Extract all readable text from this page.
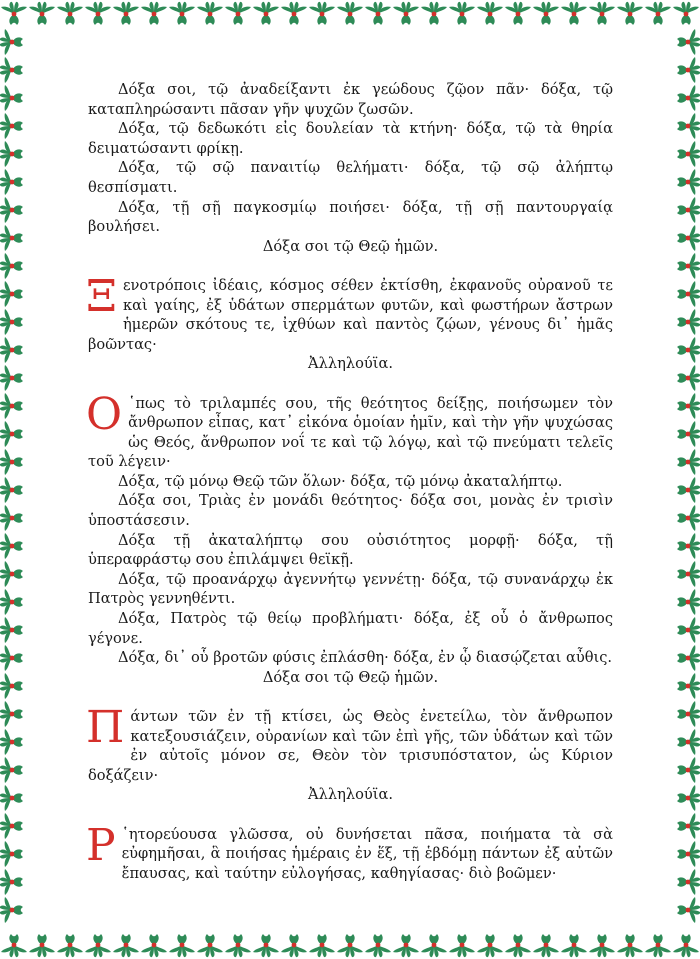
Δόξα σοι, τῷ ἀναδείξαντι ἐκ γεώδους ζῷον πᾶν· δόξα, τῷ καταπληρώσαντι πᾶσαν γῆν ψυχῶν ζωσῶν.

Δόξα, τῷ δεδωκότι εἰς δουλείαν τὰ κτήνη· δόξα, τῷ τὰ θηρία δειματώσαντι φρίκῃ.

Δόξα, τῷ σῷ παναιτίῳ θελήματι· δόξα, τῷ σῷ ἀλήπτῳ θεσπίσματι.

Δόξα, τῇ σῇ παγκοσμίῳ ποιήσει· δόξα, τῇ σῇ παντουργαίᾳ βουλήσει.

Δόξα σοι τῷ Θεῷ ἡμῶν.

Ξ ενοτρόποις ἰδέαις, κόσμος σέθεν ἐκτίσθη, ἐκφανοῦς οὐρανοῦ τε καὶ γαίης, ἐξ ὑδάτων σπερμάτων φυτῶν, καὶ φωστήρων ἄστρων ἡμερῶν σκότους τε, ἰχθύων καὶ παντὸς ζῴων, γένους δι᾿ ἡμᾶς βοῶντας·

Ἀλληλούϊα.

Ο ῾πως τὸ τριλαμπές σου, τῆς θεότητος δείξῃς, ποιήσωμεν τὸν ἄνθρωπον εἶπας, κατ᾿ εἰκόνα ὁμοίαν ἡμῖν, καὶ τὴν γῆν ψυχώσας ὡς Θεός, ἄνθρωπον νοΐ τε καὶ τῷ λόγῳ, καὶ τῷ πνεύματι τελεῖς τοῦ λέγειν·

Δόξα, τῷ μόνῳ Θεῷ τῶν ὅλων· δόξα, τῷ μόνῳ ἀκαταλήπτῳ.

Δόξα σοι, Τριὰς ἐν μονάδι θεότητος· δόξα σοι, μονὰς ἐν τρισὶν ὑποστάσεσιν.

Δόξα τῇ ἀκαταλήπτῳ σου οὐσιότητος μορφῇ· δόξα, τῇ ὑπεραφράστῳ σου ἐπιλάμψει θεϊκῇ.

Δόξα, τῷ προανάρχῳ ἀγεννήτῳ γεννέτῃ· δόξα, τῷ συνανάρχῳ ἐκ Πατρὸς γεννηθέντι.

Δόξα, Πατρὸς τῷ θείῳ προβλήματι· δόξα, ἐξ οὗ ὁ ἄνθρωπος γέγονε.

Δόξα, δι᾿ οὗ βροτῶν φύσις ἐπλάσθη· δόξα, ἐν ᾧ διασῴζεται αὖθις.

Δόξα σοι τῷ Θεῷ ἡμῶν.

Π άντων τῶν ἐν τῇ κτίσει, ὡς Θεὸς ἐνετείλω, τὸν ἄνθρωπον κατεξουσιάζειν, οὐρανίων καὶ τῶν ἐπὶ γῆς, τῶν ὑδάτων καὶ τῶν ἐν αὐτοῖς μόνον σε, Θεὸν τὸν τρισυπόστατον, ὡς Κύριον δοξάζειν·

Ἀλληλούϊα.

Ρ ῾ητορεύουσα γλῶσσα, οὐ δυνήσεται πᾶσα, ποιήματα τὰ σὰ εὐφημῆσαι, ἃ ποιήσας ἡμέραις ἐν ἕξ, τῇ ἑβδόμῃ πάντων ἐξ αὐτῶν ἔπαυσας, καὶ ταύτην εὐλογήσας, καθηγίασας· διὸ βοῶμεν·
